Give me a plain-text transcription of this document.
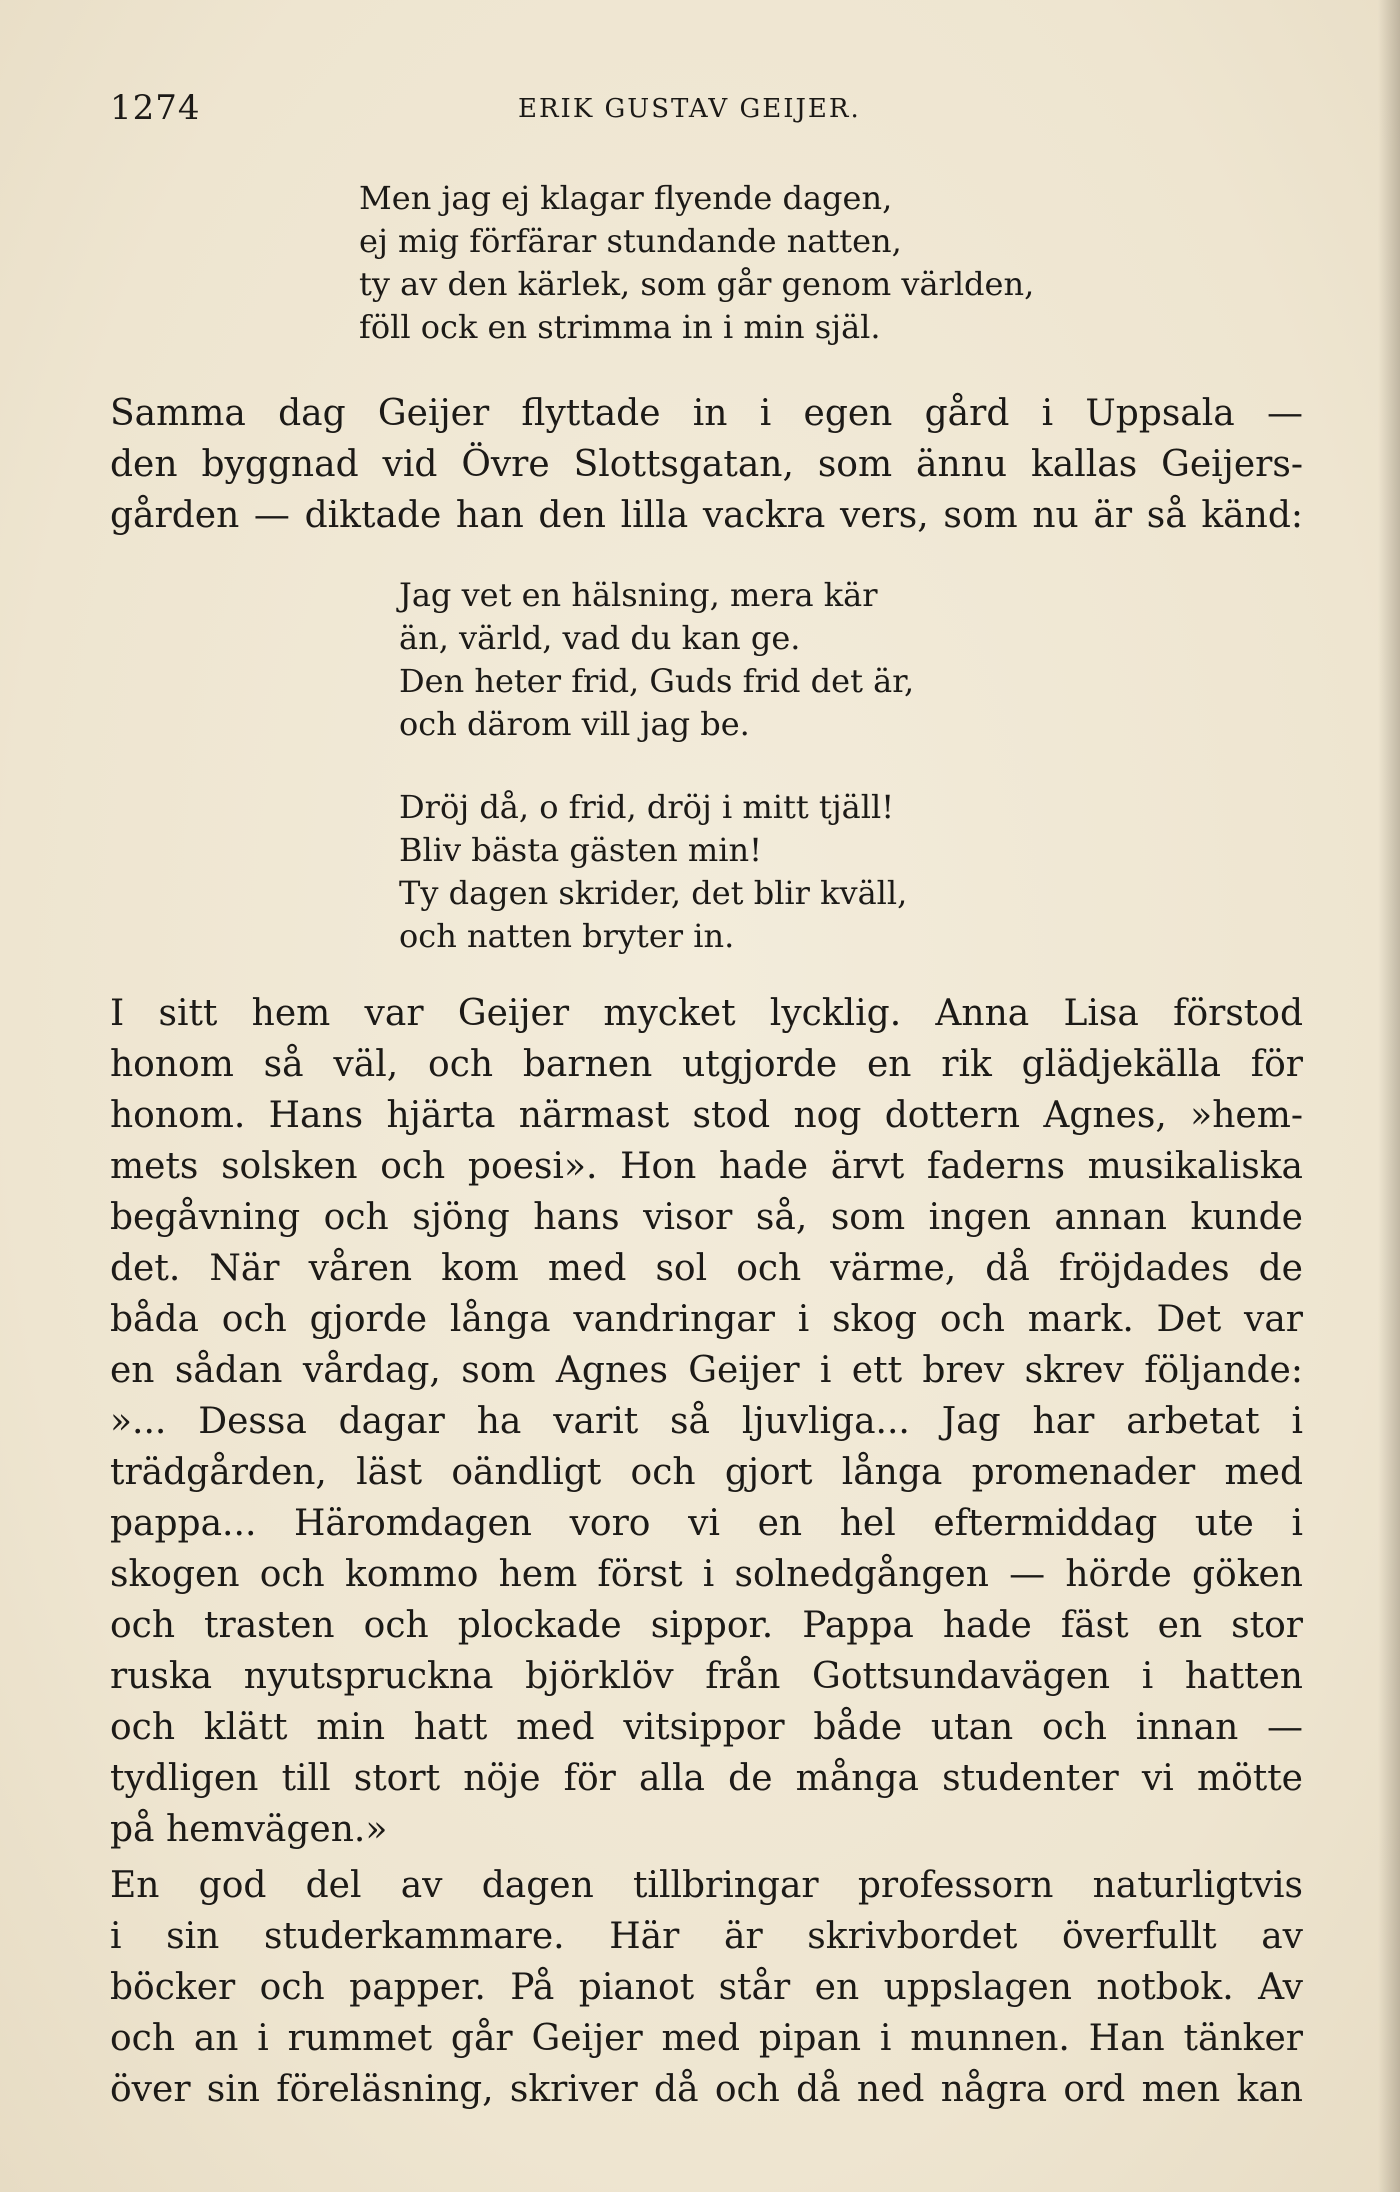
1274	ERIK GUSTAV GEIJER.
Men jag ej klagar flyende dagen,
ej mig förfärar stundande natten,
ty av den kärlek, som går genom världen,
föll ock en strimma in i min själ.
Samma dag Geijer flyttade in i egen gård i Uppsala —
den byggnad vid Övre Slottsgatan, som ännu kallas Geijers-
gården — diktade han den lilla vackra vers, som nu är så känd:
Jag vet en hälsning, mera kär
än, värld, vad du kan ge.
Den heter frid, Guds frid det är,
och därom vill jag be.
Dröj då, o frid, dröj i mitt tjäll!
Bliv bästa gästen min!
Ty dagen skrider, det blir kväll,
och natten bryter in.
I sitt hem var Geijer mycket lycklig. Anna Lisa förstod
honom så väl, och barnen utgjorde en rik glädjekälla för
honom. Hans hjärta närmast stod nog dottern Agnes, »hem-
mets solsken och poesi». Hon hade ärvt faderns musikaliska
begåvning och sjöng hans visor så, som ingen annan kunde
det. När våren kom med sol och värme, då fröjdades de
båda och gjorde långa vandringar i skog och mark. Det var
en sådan vårdag, som Agnes Geijer i ett brev skrev följande:
»... Dessa dagar ha varit så ljuvliga... Jag har arbetat i
trädgården, läst oändligt och gjort långa promenader med
pappa... Häromdagen voro vi en hel eftermiddag ute i
skogen och kommo hem först i solnedgången — hörde göken
och trasten och plockade sippor. Pappa hade fäst en stor
ruska nyutspruckna björklöv från Gottsundavägen i hatten
och klätt min hatt med vitsippor både utan och innan —
tydligen till stort nöje för alla de många studenter vi mötte
på hemvägen.»
En god del av dagen tillbringar professorn naturligtvis
i sin studerkammare. Här är skrivbordet överfullt av
böcker och papper. På pianot står en uppslagen notbok. Av
och an i rummet går Geijer med pipan i munnen. Han tänker
över sin föreläsning, skriver då och då ned några ord men kan
